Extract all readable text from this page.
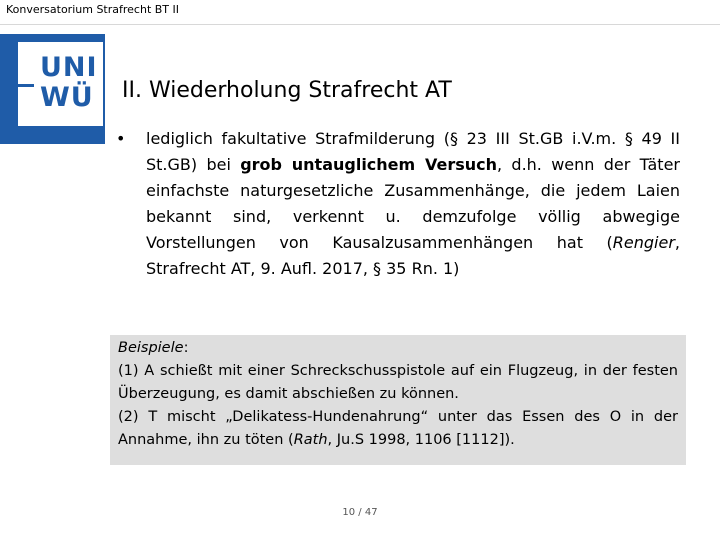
Konversatorium Strafrecht BT II
UNI
WÜ II. Wiederholung Strafrecht AT
• lediglich fakultative Strafmilderung (§ 23 III St.GB i.V.m. § 49 II St.GB) bei grob untauglichem Versuch, d.h. wenn der Täter einfachste naturgesetzliche Zusammenhänge, die jedem Laien bekannt sind, verkennt u. demzufolge völlig abwegige Vorstellungen von Kausalzusammenhängen hat (Rengier, Strafrecht AT, 9. Aufl. 2017, § 35 Rn. 1)
Beispiele:
(1) A schießt mit einer Schreckschusspistole auf ein Flugzeug, in der festen Überzeugung, es damit abschießen zu können.
(2) T mischt „Delikatess-Hundenahrung“ unter das Essen des O in der Annahme, ihn zu töten (Rath, Ju.S 1998, 1106 [1112]).
10 / 47
